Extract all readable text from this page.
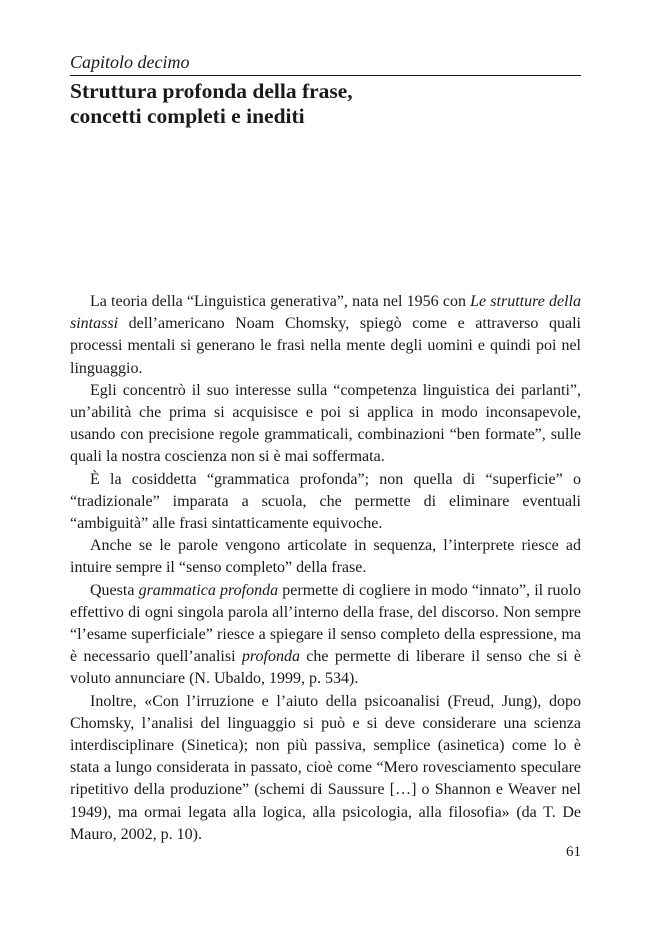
Capitolo decimo

Struttura profonda della frase,
concetti completi e inediti

La teoria della “Linguistica generativa”, nata nel 1956 con Le strutture della sintassi dell’americano Noam Chomsky, spiegò come e attraverso quali processi mentali si generano le frasi nella mente degli uomini e quindi poi nel linguaggio.

Egli concentrò il suo interesse sulla “competenza linguistica dei parlanti”, un’abilità che prima si acquisisce e poi si applica in modo inconsapevole, usando con precisione regole grammaticali, combinazioni “ben formate”, sulle quali la nostra coscienza non si è mai soffermata.

È la cosiddetta “grammatica profonda”; non quella di “superficie” o “tradizionale” imparata a scuola, che permette di eliminare eventuali “ambiguità” alle frasi sintatticamente equivoche.

Anche se le parole vengono articolate in sequenza, l’interprete riesce ad intuire sempre il “senso completo” della frase.

Questa grammatica profonda permette di cogliere in modo “innato”, il ruolo effettivo di ogni singola parola all’interno della frase, del discorso. Non sempre “l’esame superficiale” riesce a spiegare il senso completo della espressione, ma è necessario quell’analisi profonda che permette di liberare il senso che si è voluto annunciare (N. Ubaldo, 1999, p. 534).

Inoltre, «Con l’irruzione e l’aiuto della psicoanalisi (Freud, Jung), dopo Chomsky, l’analisi del linguaggio si può e si deve considerare una scienza interdisciplinare (Sinetica); non più passiva, semplice (asinetica) come lo è stata a lungo considerata in passato, cioè come “Mero rovesciamento speculare ripetitivo della produzione” (schemi di Saussure […] o Shannon e Weaver nel 1949), ma ormai legata alla logica, alla psicologia, alla filosofia» (da T. De Mauro, 2002, p. 10).

61
